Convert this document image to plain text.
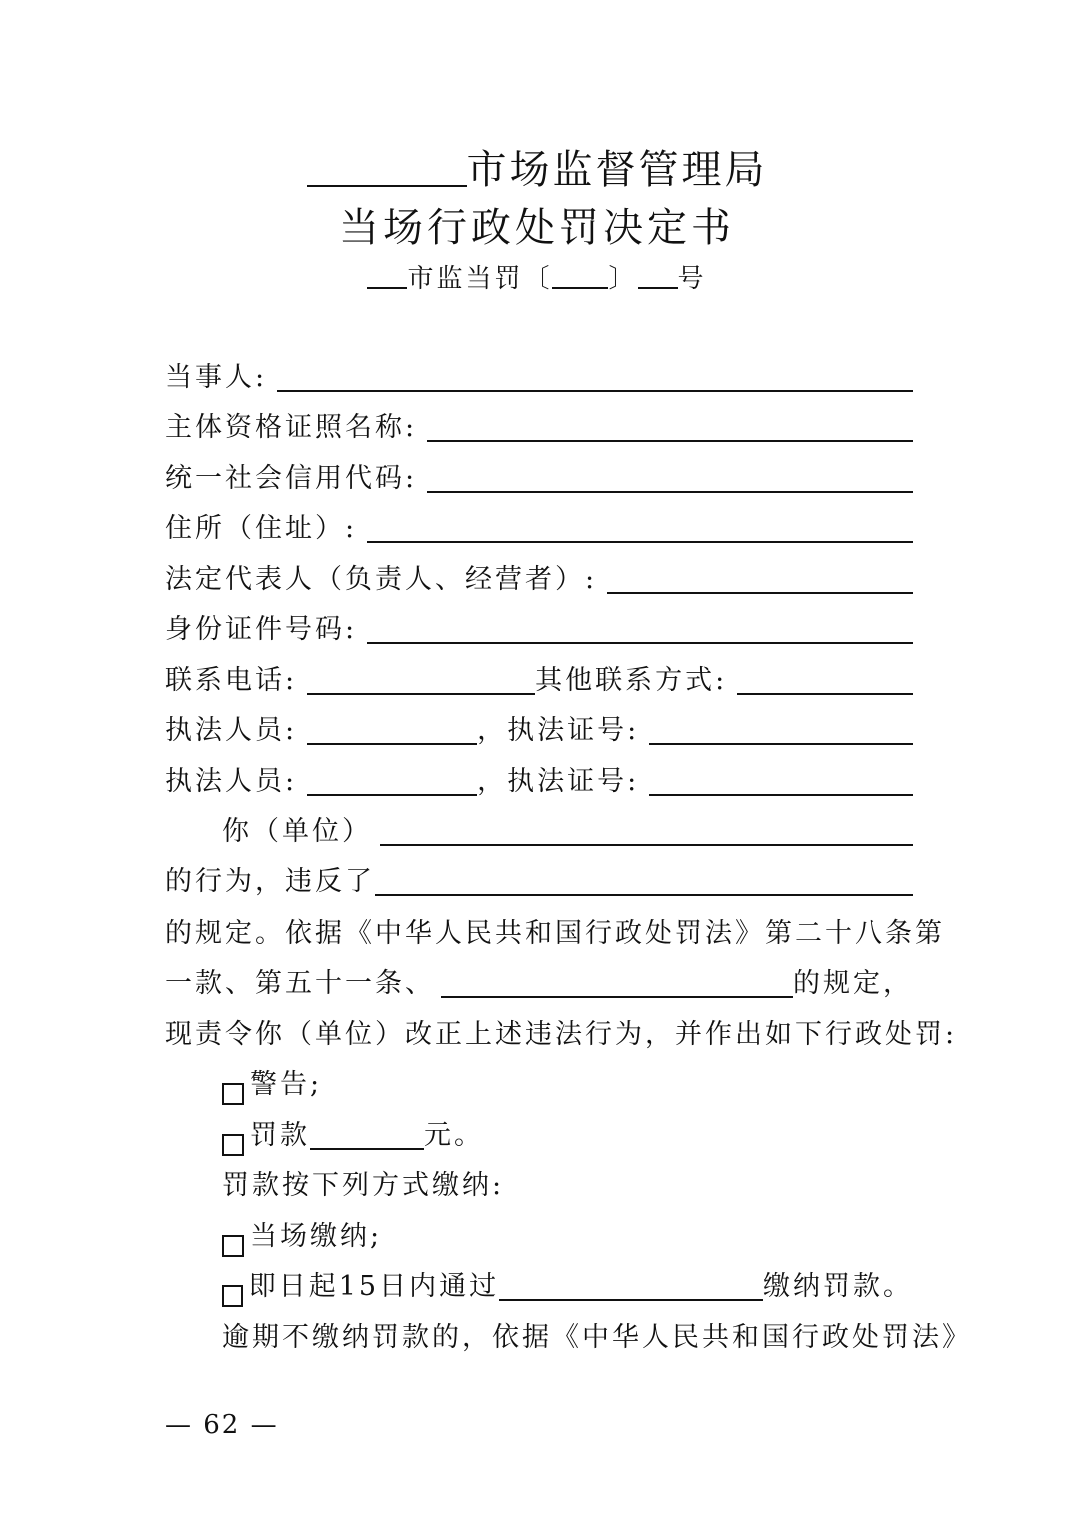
市场监督管理局
当场行政处罚决定书
市监当罚〔 〕 号
当事人:
主体资格证照名称:
统一社会信用代码:
住所（住址）:
法定代表人（负责人、经营者）:
身份证件号码:
联系电话:	其他联系方式:
执法人员:	，执法证号:
执法人员:	，执法证号:
你（单位）
的行为，违反了
的规定。依据《中华人民共和国行政处罚法》第二十八条第
一款、第五十一条、	的规定，
现责令你（单位）改正上述违法行为，并作出如下行政处罚:
警告;
罚款	元。
罚款按下列方式缴纳:
当场缴纳;
即日起15日内通过	缴纳罚款。
逾期不缴纳罚款的，依据《中华人民共和国行政处罚法》
— 62 —
